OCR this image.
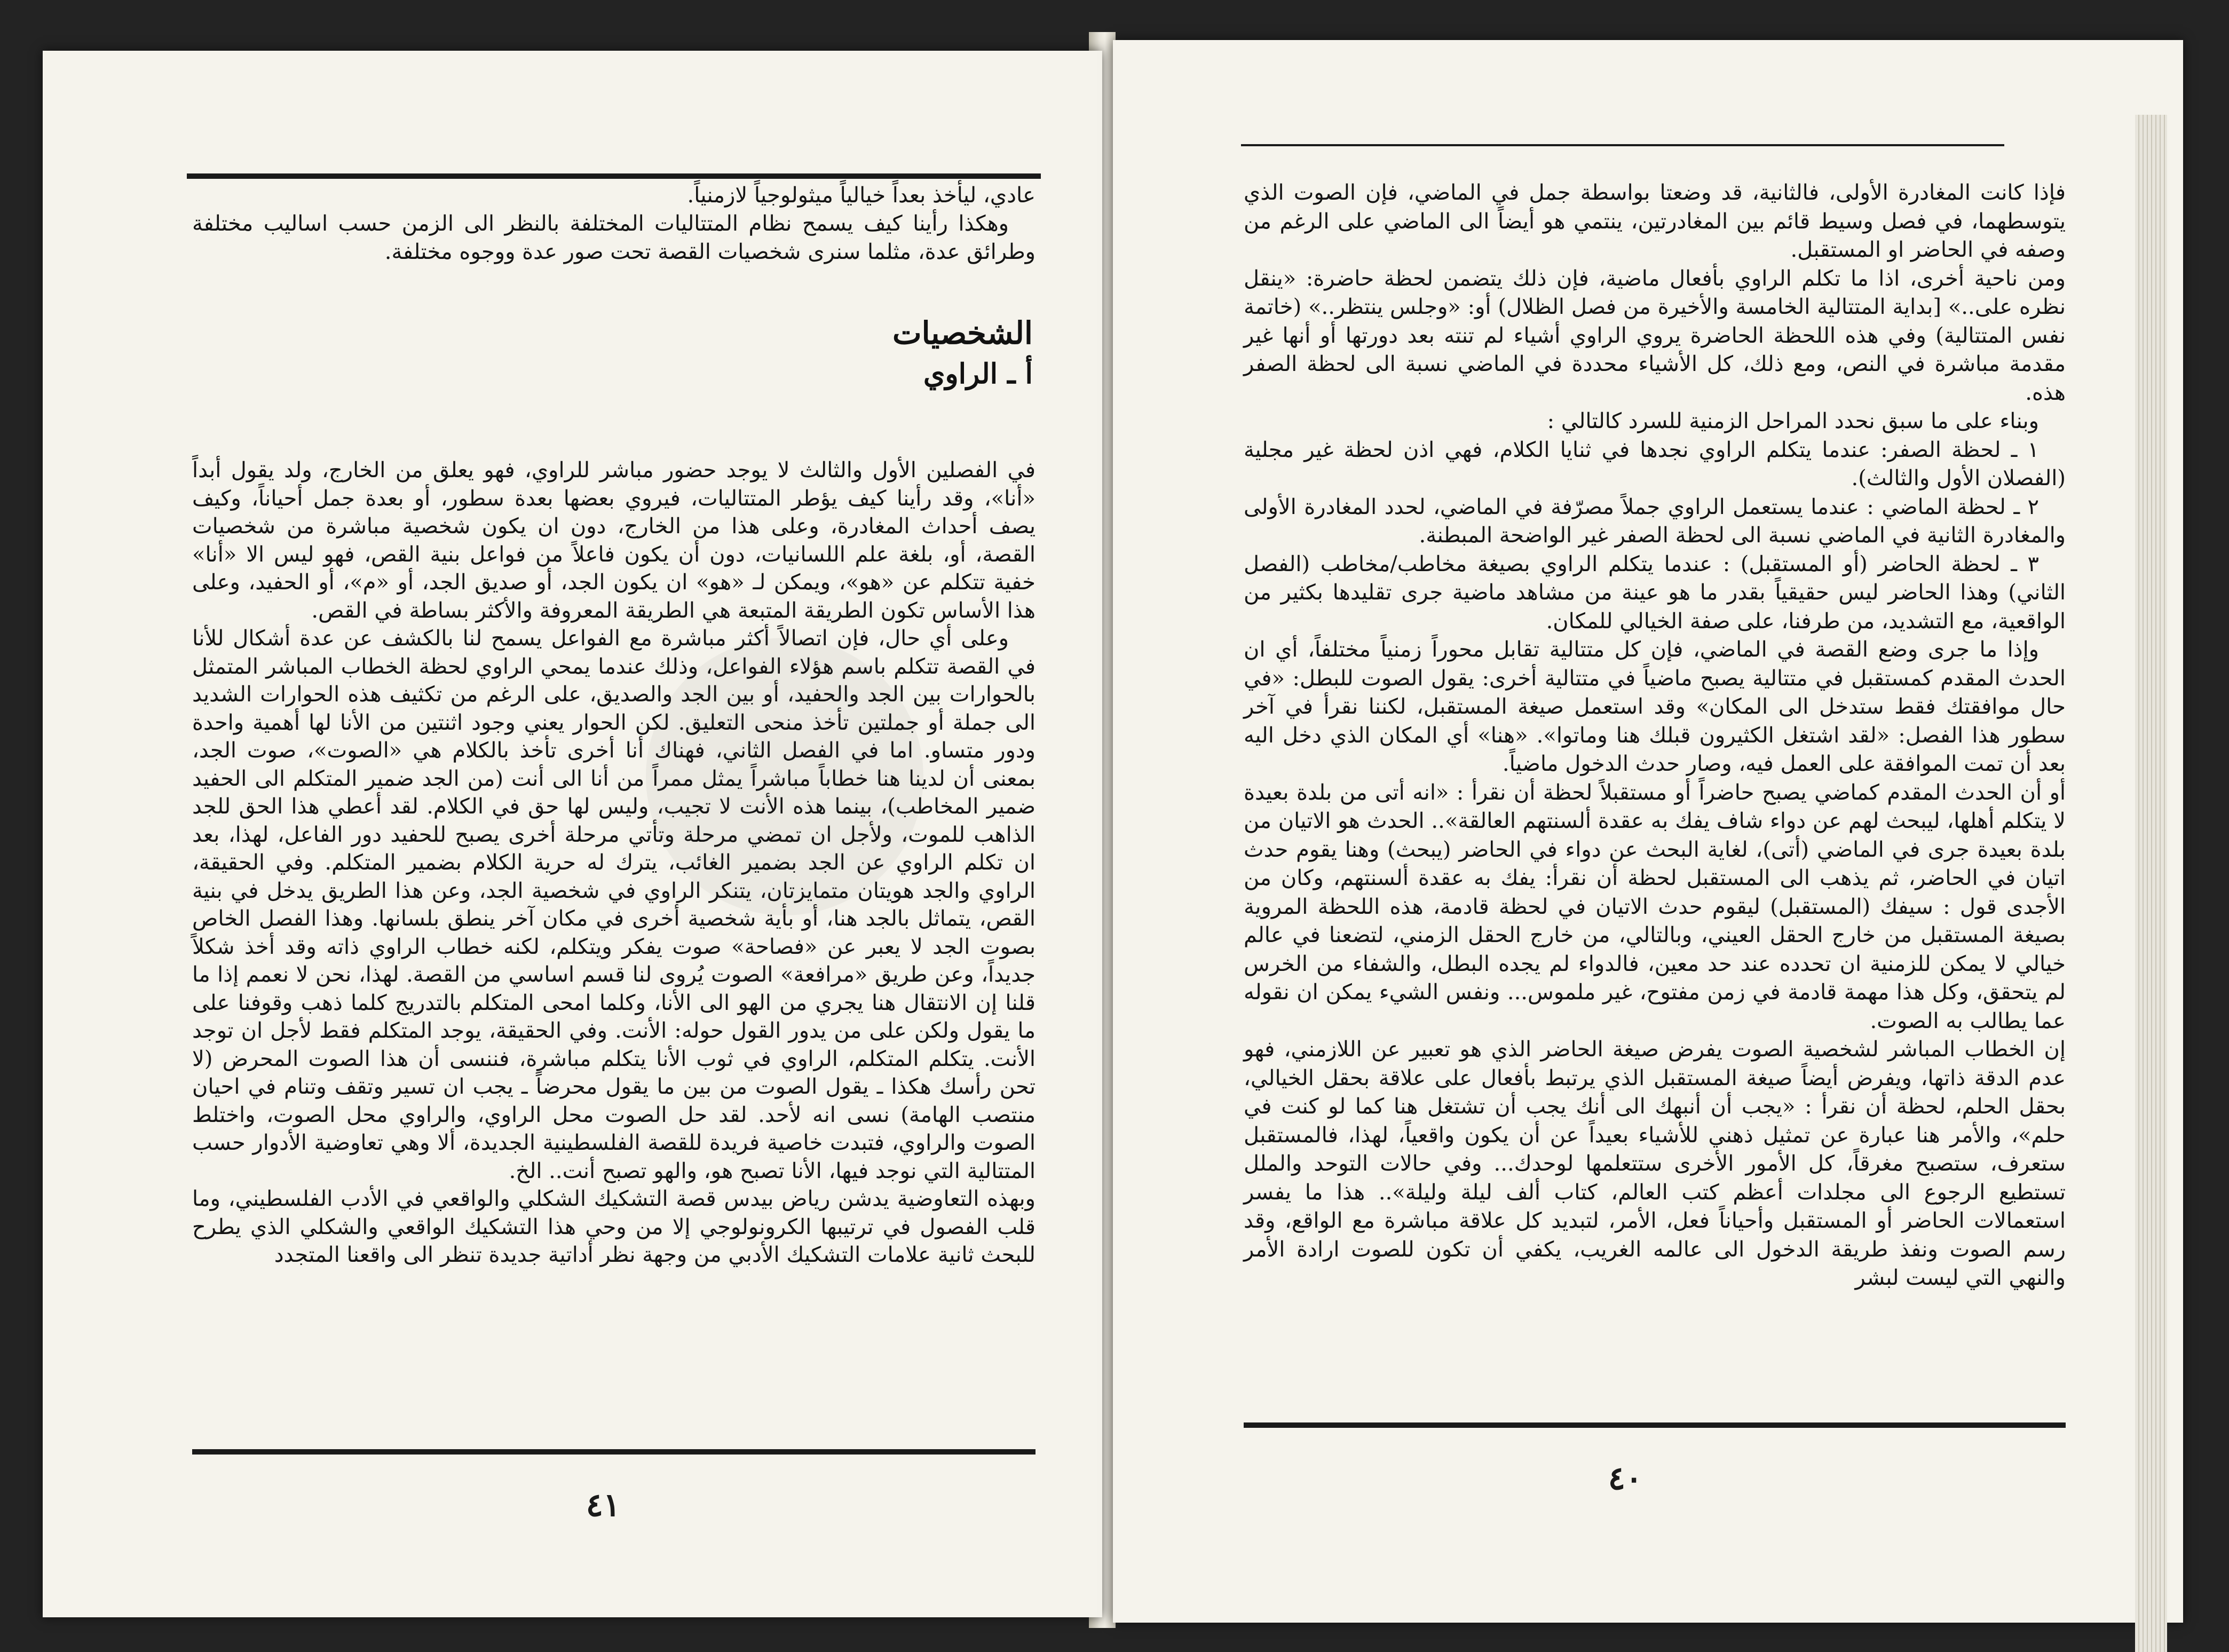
عادي، ليأخذ بعداً خيالياً ميثولوجياً لازمنياً.

وهكذا رأينا كيف يسمح نظام المتتاليات المختلفة بالنظر الى الزمن حسب اساليب مختلفة وطرائق عدة، مثلما سنرى شخصيات القصة تحت صور عدة ووجوه مختلفة.

الشخصيات
أ ـ الراوي

في الفصلين الأول والثالث لا يوجد حضور مباشر للراوي، فهو يعلق من الخارج، ولد يقول أبداً «أنا»، وقد رأينا كيف يؤطر المتتاليات، فيروي بعضها بعدة سطور، أو بعدة جمل أحياناً، وكيف يصف أحداث المغادرة، وعلى هذا من الخارج، دون ان يكون شخصية مباشرة من شخصيات القصة، أو، بلغة علم اللسانيات، دون أن يكون فاعلاً من فواعل بنية القص، فهو ليس الا «أنا» خفية تتكلم عن «هو»، ويمكن لـ «هو» ان يكون الجد، أو صديق الجد، أو «م»، أو الحفيد، وعلى هذا الأساس تكون الطريقة المتبعة هي الطريقة المعروفة والأكثر بساطة في القص.

وعلى أي حال، فإن اتصالاً أكثر مباشرة مع الفواعل يسمح لنا بالكشف عن عدة أشكال للأنا في القصة تتكلم باسم هؤلاء الفواعل، وذلك عندما يمحي الراوي لحظة الخطاب المباشر المتمثل بالحوارات بين الجد والحفيد، أو بين الجد والصديق، على الرغم من تكثيف هذه الحوارات الشديد الى جملة أو جملتين تأخذ منحى التعليق. لكن الحوار يعني وجود اثنتين من الأنا لها أهمية واحدة ودور متساو. اما في الفصل الثاني، فهناك أنا أخرى تأخذ بالكلام هي «الصوت»، صوت الجد، بمعنى أن لدينا هنا خطاباً مباشراً يمثل ممراً من أنا الى أنت (من الجد ضمير المتكلم الى الحفيد ضمير المخاطب)، بينما هذه الأنت لا تجيب، وليس لها حق في الكلام. لقد أعطي هذا الحق للجد الذاهب للموت، ولأجل ان تمضي مرحلة وتأتي مرحلة أخرى يصبح للحفيد دور الفاعل، لهذا، بعد ان تكلم الراوي عن الجد بضمير الغائب، يترك له حرية الكلام بضمير المتكلم. وفي الحقيقة، الراوي والجد هويتان متمايزتان، يتنكر الراوي في شخصية الجد، وعن هذا الطريق يدخل في بنية القص، يتماثل بالجد هنا، أو بأية شخصية أخرى في مكان آخر ينطق بلسانها. وهذا الفصل الخاص بصوت الجد لا يعبر عن «فصاحة» صوت يفكر ويتكلم، لكنه خطاب الراوي ذاته وقد أخذ شكلاً جديداً، وعن طريق «مرافعة» الصوت يُروى لنا قسم اساسي من القصة. لهذا، نحن لا نعمم إذا ما قلنا إن الانتقال هنا يجري من الهو الى الأنا، وكلما امحى المتكلم بالتدريج كلما ذهب وقوفنا على ما يقول ولكن على من يدور القول حوله: الأنت. وفي الحقيقة، يوجد المتكلم فقط لأجل ان توجد الأنت. يتكلم المتكلم، الراوي في ثوب الأنا يتكلم مباشرة، فننسى أن هذا الصوت المحرض (لا تحن رأسك هكذا ـ يقول الصوت من بين ما يقول محرضاً ـ يجب ان تسير وتقف وتنام في احيان منتصب الهامة) نسى انه لأحد. لقد حل الصوت محل الراوي، والراوي محل الصوت، واختلط الصوت والراوي، فتبدت خاصية فريدة للقصة الفلسطينية الجديدة، ألا وهي تعاوضية الأدوار حسب المتتالية التي نوجد فيها، الأنا تصبح هو، والهو تصبح أنت.. الخ.

وبهذه التعاوضية يدشن رياض بيدس قصة التشكيك الشكلي والواقعي في الأدب الفلسطيني، وما قلب الفصول في ترتيبها الكرونولوجي إلا من وحي هذا التشكيك الواقعي والشكلي الذي يطرح للبحث ثانية علامات التشكيك الأدبي من وجهة نظر أداتية جديدة تنظر الى واقعنا المتجدد

٤١

فإذا كانت المغادرة الأولى، فالثانية، قد وضعتا بواسطة جمل في الماضي، فإن الصوت الذي يتوسطهما، في فصل وسيط قائم بين المغادرتين، ينتمي هو أيضاً الى الماضي على الرغم من وصفه في الحاضر او المستقبل.

ومن ناحية أخرى، اذا ما تكلم الراوي بأفعال ماضية، فإن ذلك يتضمن لحظة حاضرة: «ينقل نظره على..» [بداية المتتالية الخامسة والأخيرة من فصل الظلال) أو: «وجلس ينتظر..» (خاتمة نفس المتتالية) وفي هذه اللحظة الحاضرة يروي الراوي أشياء لم تنته بعد دورتها أو أنها غير مقدمة مباشرة في النص، ومع ذلك، كل الأشياء محددة في الماضي نسبة الى لحظة الصفر هذه.

وبناء على ما سبق نحدد المراحل الزمنية للسرد كالتالي :

١ ـ لحظة الصفر: عندما يتكلم الراوي نجدها في ثنايا الكلام، فهي اذن لحظة غير مجلية (الفصلان الأول والثالث).

٢ ـ لحظة الماضي : عندما يستعمل الراوي جملاً مصرّفة في الماضي، لحدد المغادرة الأولى والمغادرة الثانية في الماضي نسبة الى لحظة الصفر غير الواضحة المبطنة.

٣ ـ لحظة الحاضر (أو المستقبل) : عندما يتكلم الراوي بصيغة مخاطب/مخاطب (الفصل الثاني) وهذا الحاضر ليس حقيقياً بقدر ما هو عينة من مشاهد ماضية جرى تقليدها بكثير من الواقعية، مع التشديد، من طرفنا، على صفة الخيالي للمكان.

وإذا ما جرى وضع القصة في الماضي، فإن كل متتالية تقابل محوراً زمنياً مختلفاً، أي ان الحدث المقدم كمستقبل في متتالية يصبح ماضياً في متتالية أخرى: يقول الصوت للبطل: «في حال موافقتك فقط ستدخل الى المكان» وقد استعمل صيغة المستقبل، لكننا نقرأ في آخر سطور هذا الفصل: «لقد اشتغل الكثيرون قبلك هنا وماتوا». «هنا» أي المكان الذي دخل اليه بعد أن تمت الموافقة على العمل فيه، وصار حدث الدخول ماضياً.

أو أن الحدث المقدم كماضي يصبح حاضراً أو مستقبلاً لحظة أن نقرأ : «انه أتى من بلدة بعيدة لا يتكلم أهلها، ليبحث لهم عن دواء شاف يفك به عقدة ألسنتهم العالقة».. الحدث هو الاتيان من بلدة بعيدة جرى في الماضي (أتى)، لغاية البحث عن دواء في الحاضر (يبحث) وهنا يقوم حدث اتيان في الحاضر، ثم يذهب الى المستقبل لحظة أن نقرأ: يفك به عقدة ألسنتهم، وكان من الأجدى قول : سيفك (المستقبل) ليقوم حدث الاتيان في لحظة قادمة، هذه اللحظة المروية بصيغة المستقبل من خارج الحقل العيني، وبالتالي، من خارج الحقل الزمني، لتضعنا في عالم خيالي لا يمكن للزمنية ان تحدده عند حد معين، فالدواء لم يجده البطل، والشفاء من الخرس لم يتحقق، وكل هذا مهمة قادمة في زمن مفتوح، غير ملموس... ونفس الشيء يمكن ان نقوله عما يطالب به الصوت.

إن الخطاب المباشر لشخصية الصوت يفرض صيغة الحاضر الذي هو تعبير عن اللازمني، فهو عدم الدقة ذاتها، ويفرض أيضاً صيغة المستقبل الذي يرتبط بأفعال على علاقة بحقل الخيالي، بحقل الحلم، لحظة أن نقرأ : «يجب أن أنبهك الى أنك يجب أن تشتغل هنا كما لو كنت في حلم»، والأمر هنا عبارة عن تمثيل ذهني للأشياء بعيداً عن أن يكون واقعياً، لهذا، فالمستقبل ستعرف، ستصبح مغرقاً، كل الأمور الأخرى ستتعلمها لوحدك... وفي حالات التوحد والملل تستطيع الرجوع الى مجلدات أعظم كتب العالم، كتاب ألف ليلة وليلة».. هذا ما يفسر استعمالات الحاضر أو المستقبل وأحياناً فعل، الأمر، لتبديد كل علاقة مباشرة مع الواقع، وقد رسم الصوت ونفذ طريقة الدخول الى عالمه الغريب، يكفي أن تكون للصوت ارادة الأمر والنهي التي ليست لبشر

٤٠
